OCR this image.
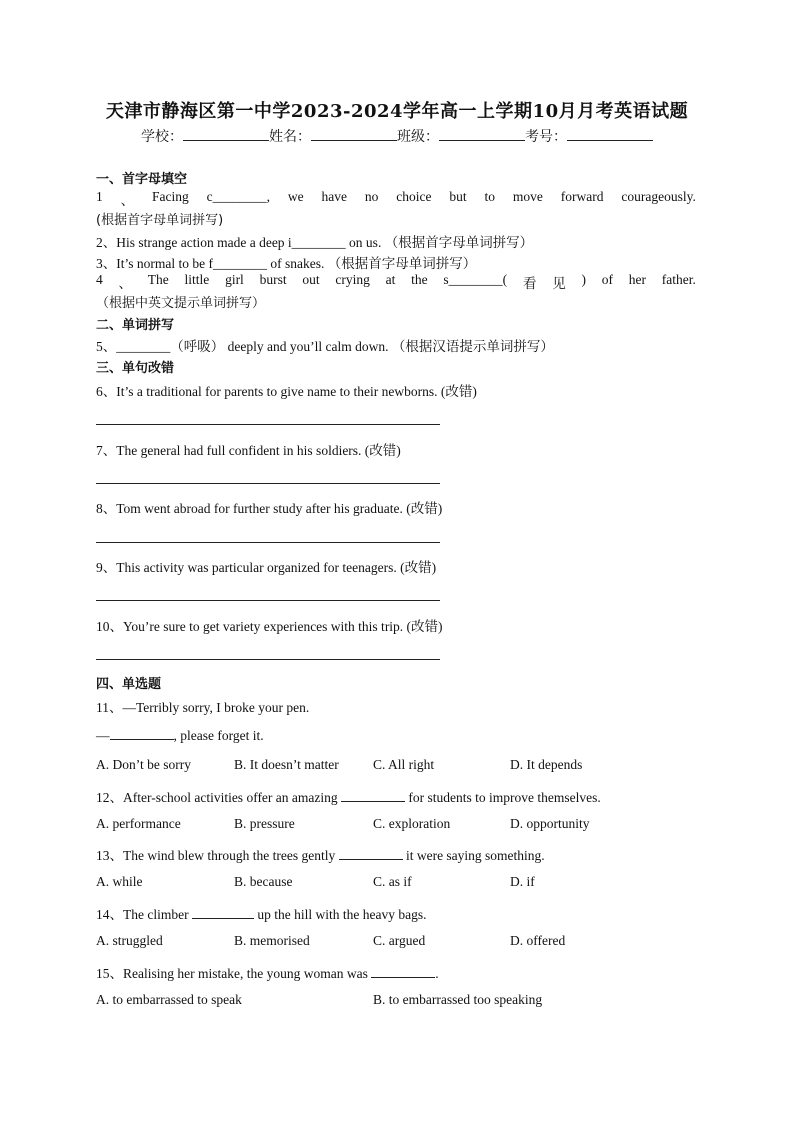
天津市静海区第一中学2023-2024学年高一上学期10月月考英语试题
学校：	姓名：	班级：	考号：
一、首字母填空
1 、 Facing c________, we have no choice but to move forward courageously.
(根据首字母单词拼写)
2、His strange action made a deep i________ on us. （根据首字母单词拼写）
3、It’s normal to be f________ of snakes. （根据首字母单词拼写）
4 、 The little girl burst out crying at the s________( 看 见 ) of her father.
（根据中英文提示单词拼写）
二、单词拼写
5、________（呼吸） deeply and you’ll calm down. （根据汉语提示单词拼写）
三、单句改错
6、It’s a traditional for parents to give name to their newborns. (改错)
7、The general had full confident in his soldiers. (改错)
8、Tom went abroad for further study after his graduate. (改错)
9、This activity was particular organized for teenagers. (改错)
10、You’re sure to get variety experiences with this trip. (改错)
四、单选题
11、—Terribly sorry, I broke your pen.
—	, please forget it.
A. Don’t be sorry	B. It doesn’t matter	C. All right	D. It depends
12、After-school activities offer an amazing	for students to improve themselves.
A. performance	B. pressure	C. exploration	D. opportunity
13、The wind blew through the trees gently	it were saying something.
A. while	B. because	C. as if	D. if
14、The climber	up the hill with the heavy bags.
A. struggled	B. memorised	C. argued	D. offered
15、Realising her mistake, the young woman was	.
A. to embarrassed to speak	B. to embarrassed too speaking
